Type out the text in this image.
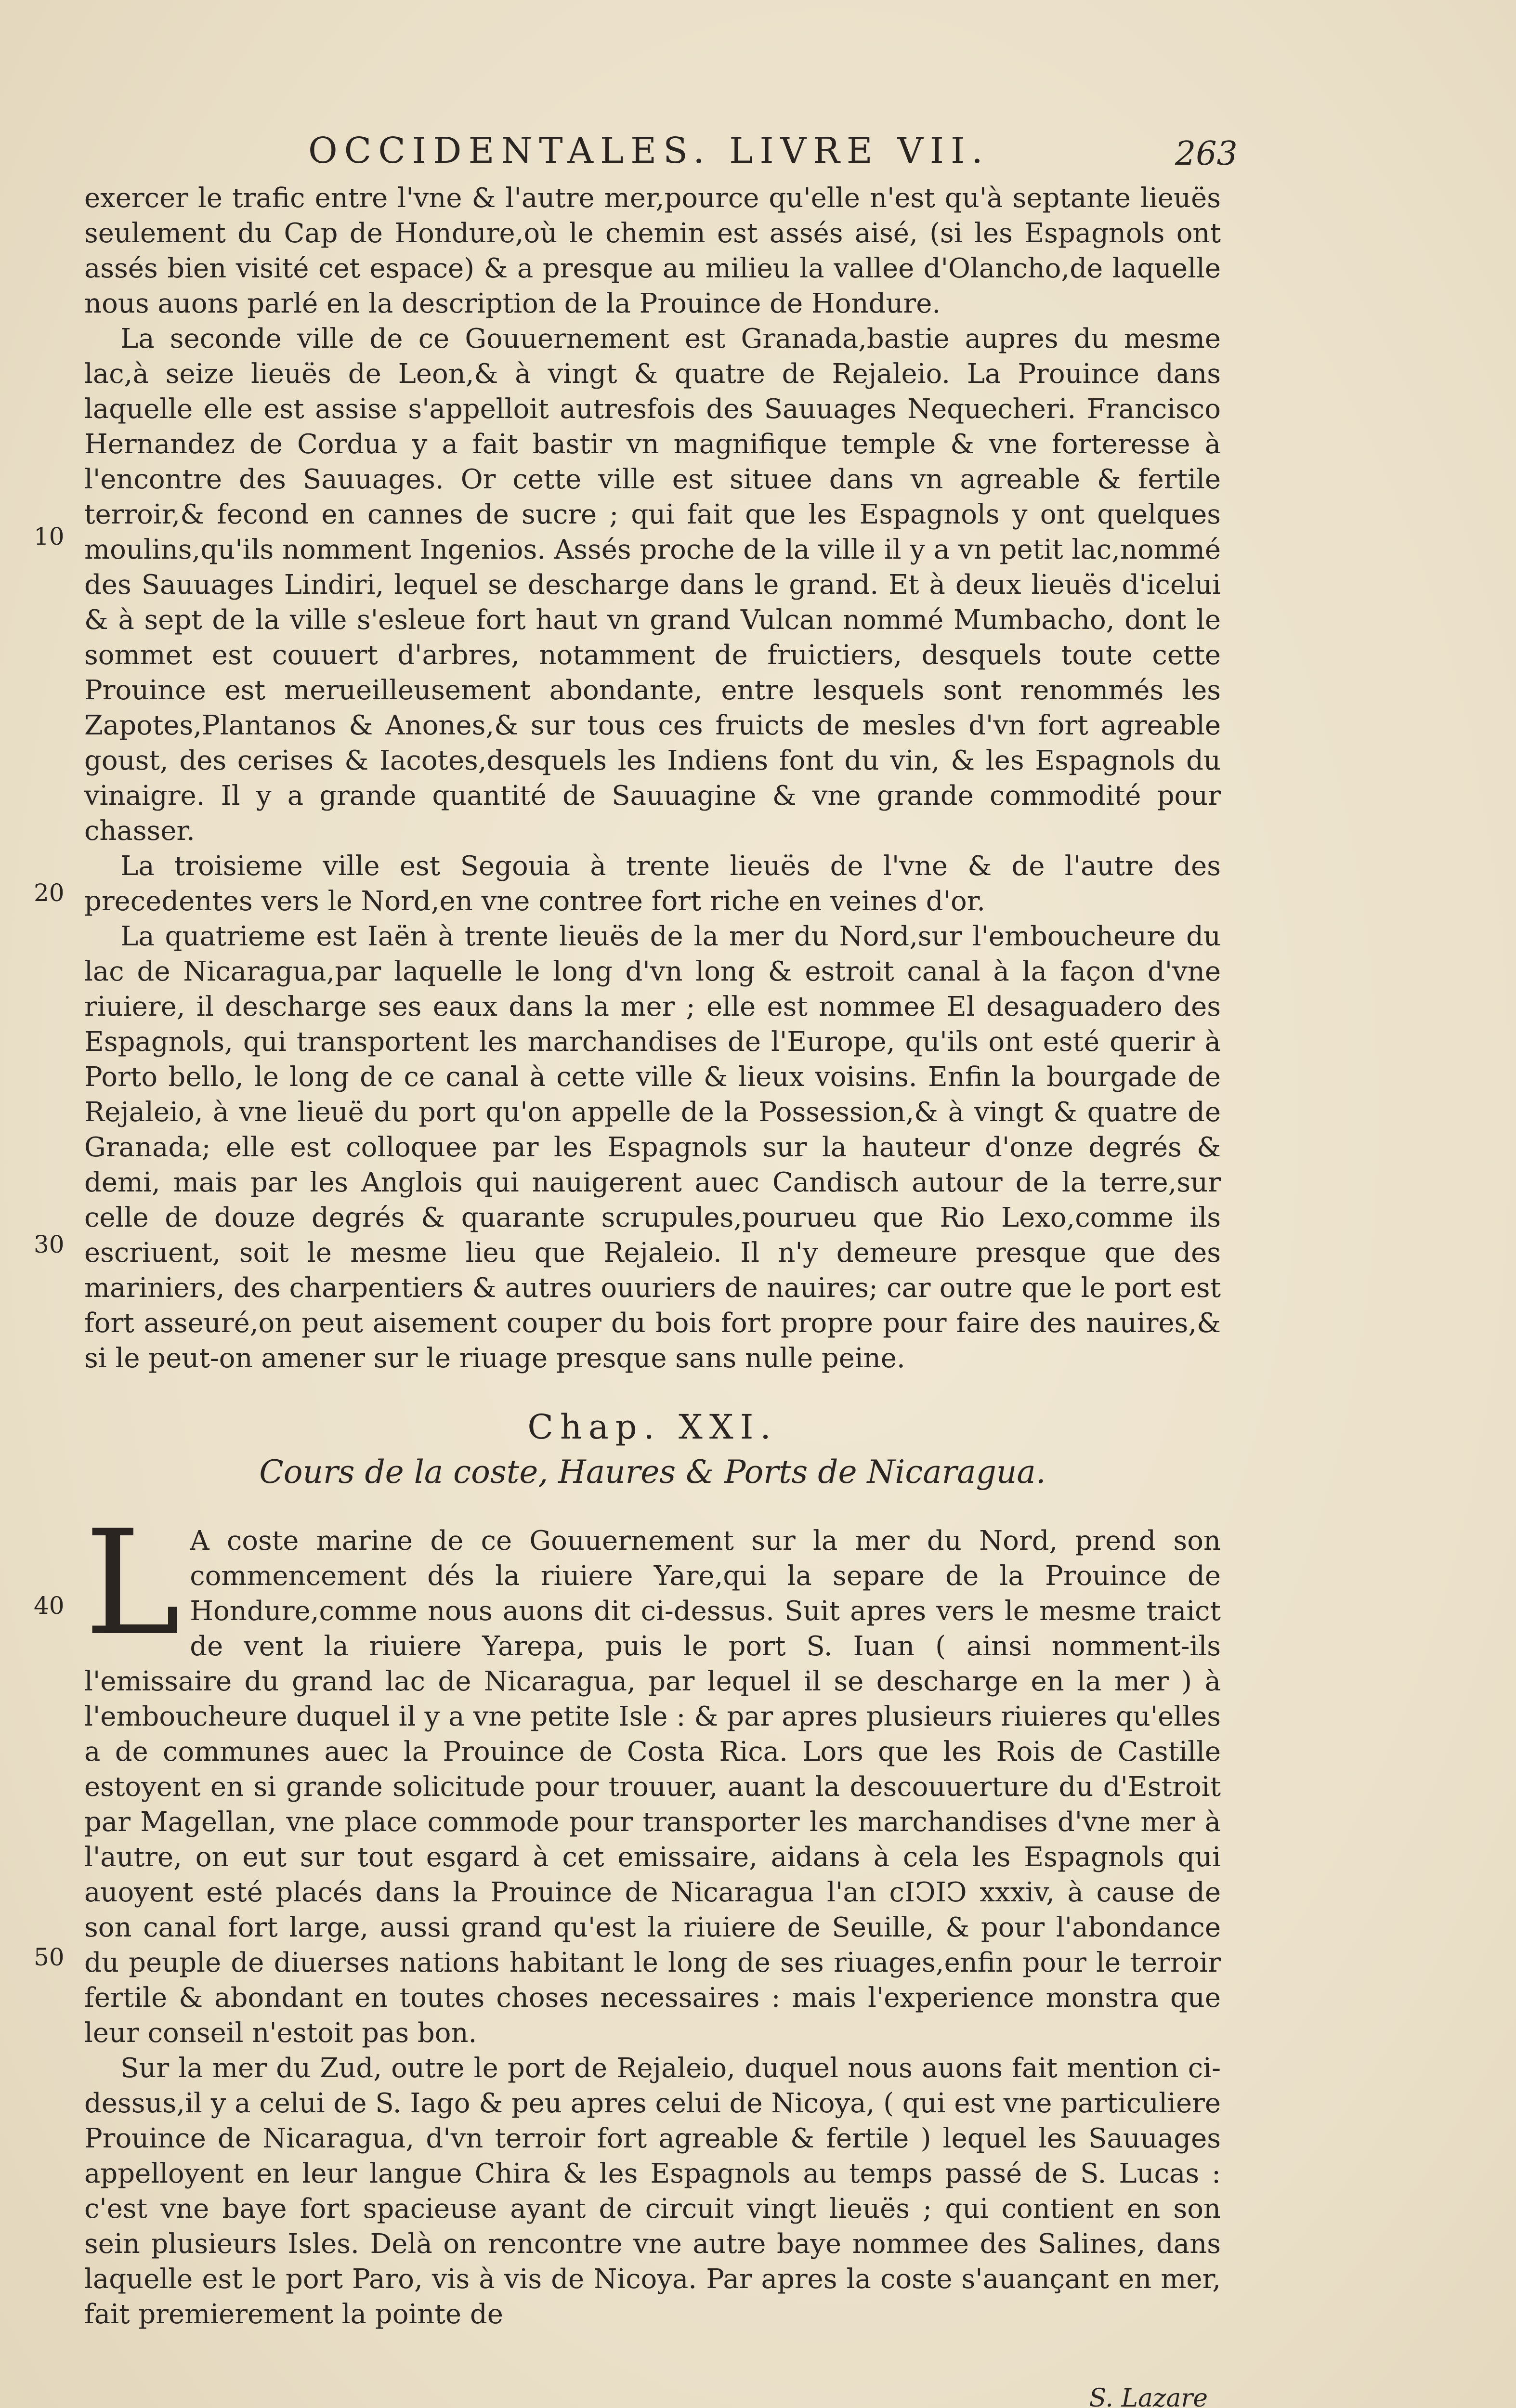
OCCIDENTALES. LIVRE VII.	263
10
20
30
40
50

exercer le trafic entre l'vne & l'autre mer,pource qu'elle n'est qu'à septante lieuës seulement du Cap de Hondure,où le chemin est assés aisé, (si les Espagnols ont assés bien visité cet espace) & a presque au milieu la vallee d'Olancho,de laquelle nous auons parlé en la description de la Prouince de Hondure.

La seconde ville de ce Gouuernement est Granada,bastie aupres du mesme lac,à seize lieuës de Leon,& à vingt & quatre de Rejaleio. La Prouince dans laquelle elle est assise s'appelloit autresfois des Sauuages Nequecheri. Francisco Hernandez de Cordua y a fait bastir vn magnifique temple & vne forteresse à l'encontre des Sauuages. Or cette ville est situee dans vn agreable & fertile terroir,& fecond en cannes de sucre ; qui fait que les Espagnols y ont quelques moulins,qu'ils nomment Ingenios. Assés proche de la ville il y a vn petit lac,nommé des Sauuages Lindiri, lequel se descharge dans le grand. Et à deux lieuës d'icelui & à sept de la ville s'esleue fort haut vn grand Vulcan nommé Mumbacho, dont le sommet est couuert d'arbres, notamment de fruictiers, desquels toute cette Prouince est merueilleusement abondante, entre lesquels sont renommés les Zapotes,Plantanos & Anones,& sur tous ces fruicts de mesles d'vn fort agreable goust, des cerises & Iacotes,desquels les Indiens font du vin, & les Espagnols du vinaigre. Il y a grande quantité de Sauuagine & vne grande commodité pour chasser.

La troisieme ville est Segouia à trente lieuës de l'vne & de l'autre des precedentes vers le Nord,en vne contree fort riche en veines d'or.

La quatrieme est Iaën à trente lieuës de la mer du Nord,sur l'emboucheure du lac de Nicaragua,par laquelle le long d'vn long & estroit canal à la façon d'vne riuiere, il descharge ses eaux dans la mer ; elle est nommee El desaguadero des Espagnols, qui transportent les marchandises de l'Europe, qu'ils ont esté querir à Porto bello, le long de ce canal à cette ville & lieux voisins. Enfin la bourgade de Rejaleio, à vne lieuë du port qu'on appelle de la Possession,& à vingt & quatre de Granada; elle est colloquee par les Espagnols sur la hauteur d'onze degrés & demi, mais par les Anglois qui nauigerent auec Candisch autour de la terre,sur celle de douze degrés & quarante scrupules,pourueu que Rio Lexo,comme ils escriuent, soit le mesme lieu que Rejaleio. Il n'y demeure presque que des mariniers, des charpentiers & autres ouuriers de nauires; car outre que le port est fort asseuré,on peut aisement couper du bois fort propre pour faire des nauires,& si le peut-on amener sur le riuage presque sans nulle peine.

Chap. XXI.
Cours de la coste, Haures & Ports de Nicaragua.

L A coste marine de ce Gouuernement sur la mer du Nord, prend son commencement dés la riuiere Yare,qui la separe de la Prouince de Hondure,comme nous auons dit ci-dessus. Suit apres vers le mesme traict de vent la riuiere Yarepa, puis le port S. Iuan ( ainsi nomment-ils l'emissaire du grand lac de Nicaragua, par lequel il se descharge en la mer ) à l'emboucheure duquel il y a vne petite Isle : & par apres plusieurs riuieres qu'elles a de communes auec la Prouince de Costa Rica. Lors que les Rois de Castille estoyent en si grande solicitude pour trouuer, auant la descouuerture du d'Estroit par Magellan, vne place commode pour transporter les marchandises d'vne mer à l'autre, on eut sur tout esgard à cet emissaire, aidans à cela les Espagnols qui auoyent esté placés dans la Prouince de Nicaragua l'an cIↃIↃ xxxiv, à cause de son canal fort large, aussi grand qu'est la riuiere de Seuille, & pour l'abondance du peuple de diuerses nations habitant le long de ses riuages,enfin pour le terroir fertile & abondant en toutes choses necessaires : mais l'experience monstra que leur conseil n'estoit pas bon.

Sur la mer du Zud, outre le port de Rejaleio, duquel nous auons fait mention ci-dessus,il y a celui de S. Iago & peu apres celui de Nicoya, ( qui est vne particuliere Prouince de Nicaragua, d'vn terroir fort agreable & fertile ) lequel les Sauuages appelloyent en leur langue Chira & les Espagnols au temps passé de S. Lucas : c'est vne baye fort spacieuse ayant de circuit vingt lieuës ; qui contient en son sein plusieurs Isles. Delà on rencontre vne autre baye nommee des Salines, dans laquelle est le port Paro, vis à vis de Nicoya. Par apres la coste s'auançant en mer, fait premierement la pointe de

S. Lazare
